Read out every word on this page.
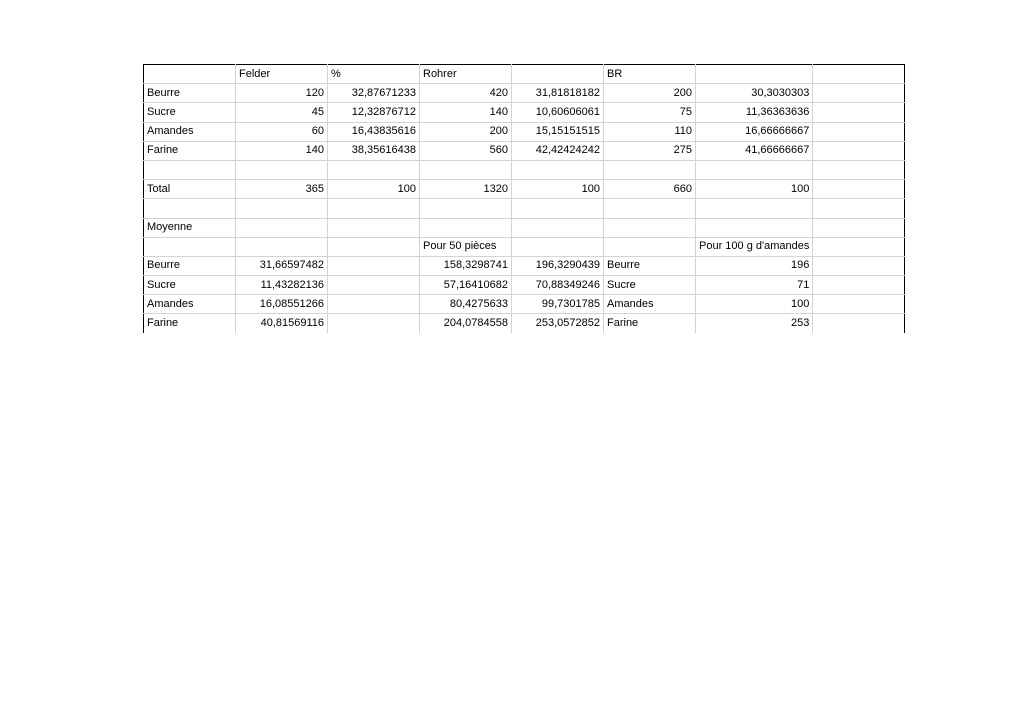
	Felder	%	Rohrer		BR		
Beurre	120	32,87671233	420	31,81818182	200	30,3030303	
Sucre	45	12,32876712	140	10,60606061	75	11,36363636	
Amandes	60	16,43835616	200	15,15151515	110	16,66666667	
Farine	140	38,35616438	560	42,42424242	275	41,66666667	

Total	365	100	1320	100	660	100	

Moyenne							
			Pour 50 pièces			Pour 100 g d'amandes	
Beurre	31,66597482		158,3298741	196,3290439	Beurre	196	
Sucre	11,43282136		57,16410682	70,88349246	Sucre	71	
Amandes	16,08551266		80,4275633	99,7301785	Amandes	100	
Farine	40,81569116		204,0784558	253,0572852	Farine	253	
